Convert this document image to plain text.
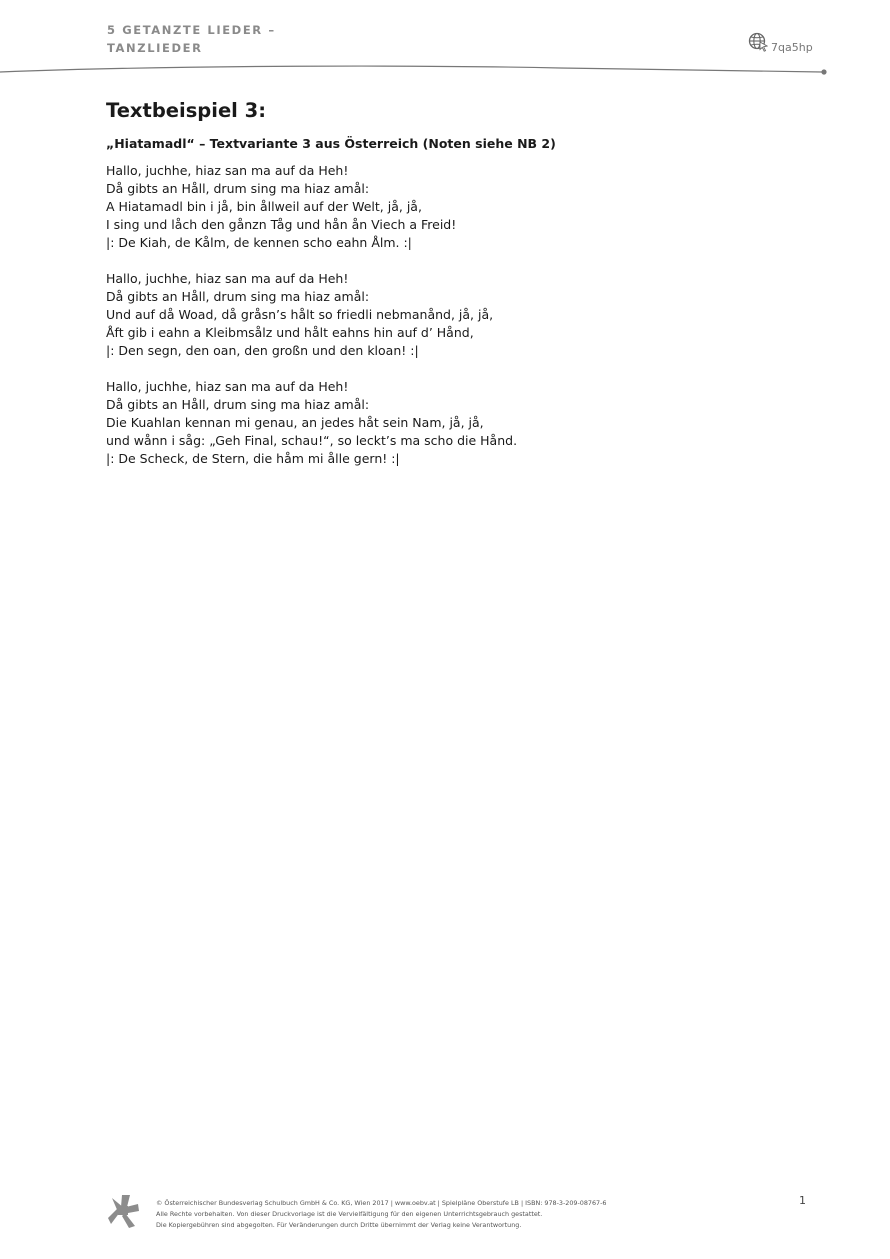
5 GETANZTE LIEDER –
TANZLIEDER	7qa5hp
Textbeispiel 3:
„Hiatamadl“ – Textvariante 3 aus Österreich (Noten siehe NB 2)
Hallo, juchhe, hiaz san ma auf da Heh!
Då gibts an Håll, drum sing ma hiaz amål:
A Hiatamadl bin i jå, bin ållweil auf der Welt, jå, jå,
I sing und låch den gånzn Tåg und hån ån Viech a Freid!
|: De Kiah, de Kålm, de kennen scho eahn Ålm. :|
Hallo, juchhe, hiaz san ma auf da Heh!
Då gibts an Håll, drum sing ma hiaz amål:
Und auf då Woad, då gråsn’s hålt so friedli nebmanånd, jå, jå,
Åft gib i eahn a Kleibmsålz und hålt eahns hin auf d’ Hånd,
|: Den segn, den oan, den großn und den kloan! :|
Hallo, juchhe, hiaz san ma auf da Heh!
Då gibts an Håll, drum sing ma hiaz amål:
Die Kuahlan kennan mi genau, an jedes håt sein Nam, jå, jå,
und wånn i såg: „Geh Final, schau!“, so leckt’s ma scho die Hånd.
|: De Scheck, de Stern, die håm mi ålle gern! :|
© Österreichischer Bundesverlag Schulbuch GmbH & Co. KG, Wien 2017 | www.oebv.at | Spielpläne Oberstufe LB | ISBN: 978-3-209-08767-6
Alle Rechte vorbehalten. Von dieser Druckvorlage ist die Vervielfältigung für den eigenen Unterrichtsgebrauch gestattet.
Die Kopiergebühren sind abgegolten. Für Veränderungen durch Dritte übernimmt der Verlag keine Verantwortung.
1
